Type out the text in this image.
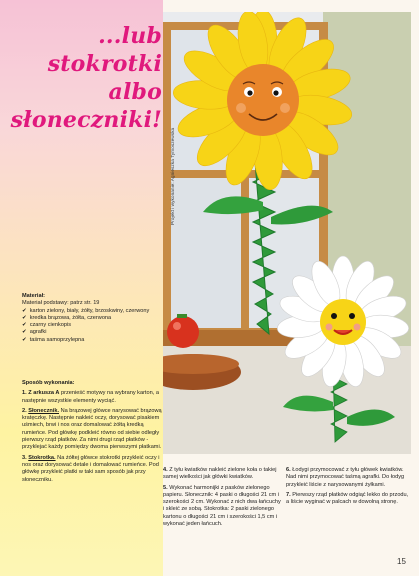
...lub
stokrotki
albo
słoneczniki!
Projekt i wykonanie: Agnieszka Tymoszewska
Materiał:
Materiał podstawy: patrz str. 19
✔ karton zielony, biały, żółty, brzoskwiny, czerwony
✔ kredka brązowa, żółta, czerwona
✔ czarny cienkopis
✔ agrafki
✔ taśma samoprzylepna

Sposób wykonania:

1. Z arkusza A przenieść motywy na wybrany karton, a następnie wszystkie elementy wyciąć.

2. Słonecznik. Na brązowej główce narysować brązową kratęczkę. Następnie nakleić oczy, dorysować pisakiem uśmiech, brwi i nos oraz domalować żółtą kredką rumieńce. Pod główkę podkleić równo od siebie odległy pierwszy rząd płatków. Za nimi drugi rząd płatków - przyklejać każdy pomiędzy dwoma pierwszymi płatkami.

3. Stokrotka. Na żółtej główce stokrotki przykleić oczy i nos oraz dorysować detale i domalować rumieńce. Pod główkę przykleić płatki w taki sam sposób jak przy słoneczniku.

4. Z tyłu kwiatków nakleić zielone koła o takiej samej wielkości jak główki kwiatków.

5. Wykonać harmonijki z pasków zielonego papieru. Słonecznik: 4 paski o długości 21 cm i szerokości 2 cm. Wykonać z nich dwa łańcuchy i skleić ze sobą. Stokrotka: 2 paski zielonego kartonu o długości 21 cm i szerokości 1,5 cm i wykonać jeden łańcuch.

6. Łodygi przymocować z tyłu główek kwiatków. Nad nimi przymocować taśmą agrafki. Do łodyg przykleić liście z narysowanymi żyłkami.

7. Pierwszy rząd płatków odgiąć lekko do przodu, a liście wyginać w palcach w dowolną stronę.

15
